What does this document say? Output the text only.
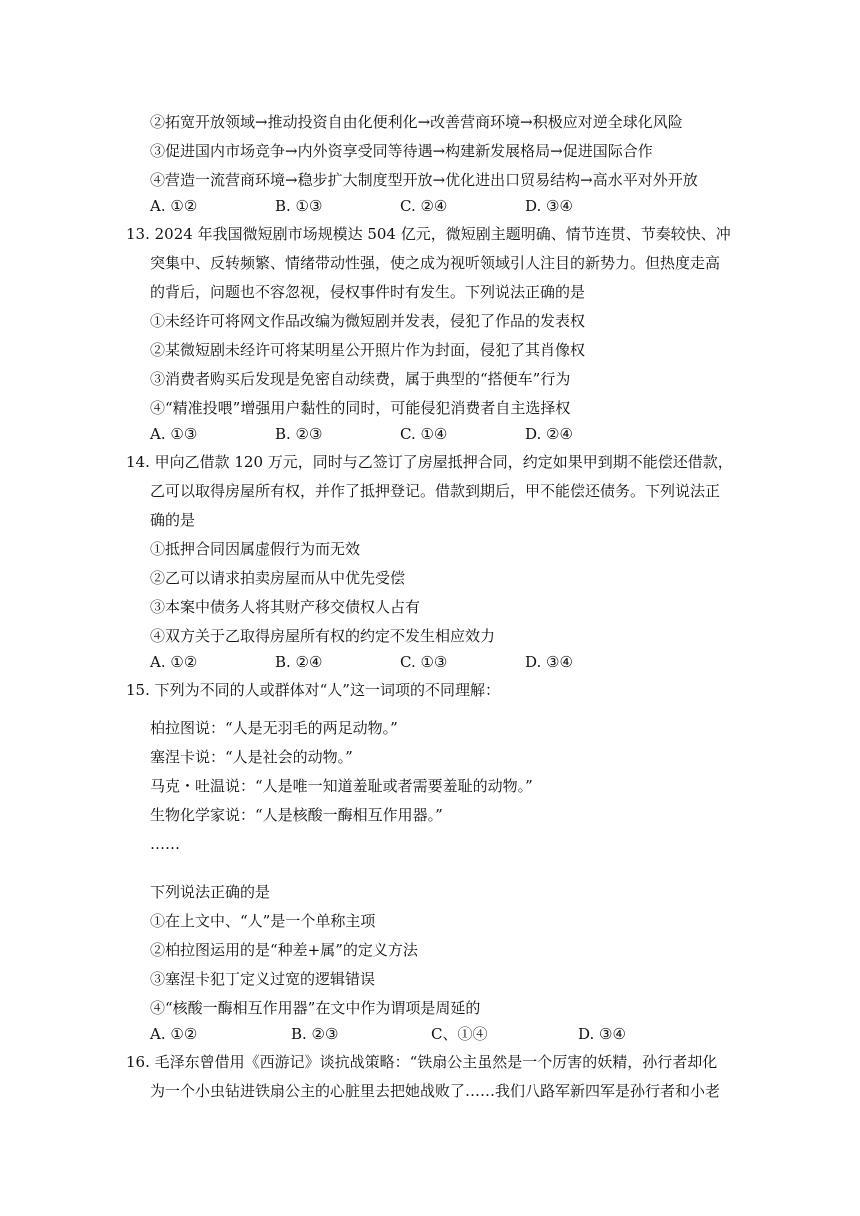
②拓宽开放领域→推动投资自由化便利化→改善营商环境→积极应对逆全球化风险
③促进国内市场竞争→内外资享受同等待遇→构建新发展格局→促进国际合作
④营造一流营商环境→稳步扩大制度型开放→优化进出口贸易结构→高水平对外开放
A. ①②	B. ①③	C. ②④	D. ③④
13. 2024 年我国微短剧市场规模达 504 亿元，微短剧主题明确、情节连贯、节奏较快、冲
突集中、反转频繁、情绪带动性强，使之成为视听领域引人注目的新势力。但热度走高
的背后，问题也不容忽视，侵权事件时有发生。下列说法正确的是
①未经许可将网文作品改编为微短剧并发表，侵犯了作品的发表权
②某微短剧未经许可将某明星公开照片作为封面，侵犯了其肖像权
③消费者购买后发现是免密自动续费，属于典型的“搭便车”行为
④“精准投喂”增强用户黏性的同时，可能侵犯消费者自主选择权
A. ①③	B. ②③	C. ①④	D. ②④
14. 甲向乙借款 120 万元，同时与乙签订了房屋抵押合同，约定如果甲到期不能偿还借款，
乙可以取得房屋所有权，并作了抵押登记。借款到期后，甲不能偿还债务。下列说法正
确的是
①抵押合同因属虚假行为而无效
②乙可以请求拍卖房屋而从中优先受偿
③本案中债务人将其财产移交债权人占有
④双方关于乙取得房屋所有权的约定不发生相应效力
A. ①②	B. ②④	C. ①③	D. ③④
15. 下列为不同的人或群体对“人”这一词项的不同理解：
柏拉图说：“人是无羽毛的两足动物。”
塞涅卡说：“人是社会的动物。”
马克・吐温说：“人是唯一知道羞耻或者需要羞耻的动物。”
生物化学家说：“人是核酸一酶相互作用器。”
……
下列说法正确的是
①在上文中、“人”是一个单称主项
②柏拉图运用的是“种差+属”的定义方法
③塞涅卡犯丁定义过宽的逻辑错误
④“核酸一酶相互作用器”在文中作为谓项是周延的
A. ①②	B. ②③	C、①④	D. ③④
16. 毛泽东曾借用《西游记》谈抗战策略：“铁扇公主虽然是一个厉害的妖精，孙行者却化
为一个小虫钻进铁扇公主的心脏里去把她战败了……我们八路军新四军是孙行者和小老
